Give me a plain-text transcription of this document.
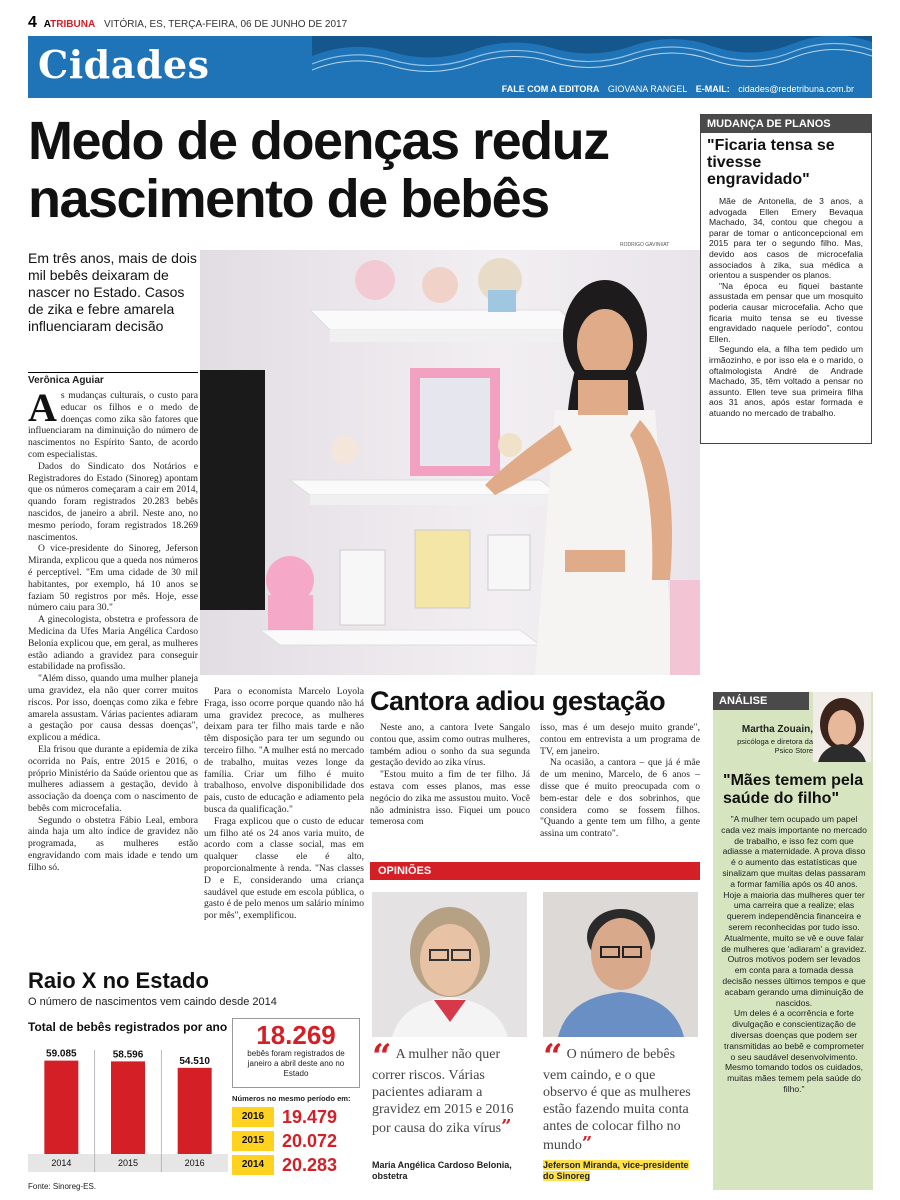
4 ATRIBUNA VITÓRIA, ES, TERÇA-FEIRA, 06 DE JUNHO DE 2017
Cidades
FALE COM A EDITORA GIOVANA RANGEL E-MAIL: cidades@redetribuna.com.br
Medo de doenças reduz
nascimento de bebês
Em três anos, mais de dois mil bebês deixaram de nascer no Estado. Casos de zika e febre amarela influenciaram decisão
RODRIGO GAVINI/AT
MUDANÇA DE PLANOS
"Ficaria tensa se tivesse engravidado"

Mãe de Antonella, de 3 anos, a advogada Ellen Emery Bevaqua Machado, 34, contou que chegou a parar de tomar o anticoncepcional em 2015 para ter o segundo filho. Mas, devido aos casos de microcefalia associados à zika, sua médica a orientou a suspender os planos.

"Na época eu fiquei bastante assustada em pensar que um mosquito poderia causar microcefalia. Acho que ficaria muito tensa se eu tivesse engravidado naquele período", contou Ellen.

Segundo ela, a filha tem pedido um irmãozinho, e por isso ela e o marido, o oftalmologista André de Andrade Machado, 35, têm voltado a pensar no assunto. Ellen teve sua primeira filha aos 31 anos, após estar formada e atuando no mercado de trabalho.

Verônica Aguiar

As mudanças culturais, o custo para educar os filhos e o medo de doenças como zika são fatores que influenciaram na diminuição do número de nascimentos no Espírito Santo, de acordo com especialistas.

Dados do Sindicato dos Notários e Registradores do Estado (Sinoreg) apontam que os números começaram a cair em 2014, quando foram registrados 20.283 bebês nascidos, de janeiro a abril. Neste ano, no mesmo período, foram registrados 18.269 nascimentos.

O vice-presidente do Sinoreg, Jeferson Miranda, explicou que a queda nos números é perceptível. "Em uma cidade de 30 mil habitantes, por exemplo, há 10 anos se faziam 50 registros por mês. Hoje, esse número caiu para 30."

A ginecologista, obstetra e professora de Medicina da Ufes Maria Angélica Cardoso Belonia explicou que, em geral, as mulheres estão adiando a gravidez para conseguir estabilidade na profissão.

"Além disso, quando uma mulher planeja uma gravidez, ela não quer correr muitos riscos. Por isso, doenças como zika e febre amarela assustam. Várias pacientes adiaram a gestação por causa dessas doenças", explicou a médica.

Ela frisou que durante a epidemia de zika ocorrida no País, entre 2015 e 2016, o próprio Ministério da Saúde orientou que as mulheres adiassem a gestação, devido à associação da doença com o nascimento de bebês com microcefalia.

Segundo o obstetra Fábio Leal, embora ainda haja um alto índice de gravidez não programada, as mulheres estão engravidando com mais idade e tendo um filho só.

Para o economista Marcelo Loyola Fraga, isso ocorre porque quando não há uma gravidez precoce, as mulheres deixam para ter filho mais tarde e não têm disposição para ter um segundo ou terceiro filho. "A mulher está no mercado de trabalho, muitas vezes longe da família. Criar um filho é muito trabalhoso, envolve disponibilidade dos pais, custo de educação e adiamento pela busca da qualificação."

Fraga explicou que o custo de educar um filho até os 24 anos varia muito, de acordo com a classe social, mas em qualquer classe ele é alto, proporcionalmente à renda. "Nas classes D e E, considerando uma criança saudável que estude em escola pública, o gasto é de pelo menos um salário mínimo por mês", exemplificou.

Cantora adiou gestação

Neste ano, a cantora Ivete Sangalo contou que, assim como outras mulheres, também adiou o sonho da sua segunda gestação devido ao zika vírus.

"Estou muito a fim de ter filho. Já estava com esses planos, mas esse negócio do zika me assustou muito. Você não administra isso. Fiquei um pouco temerosa com

isso, mas é um desejo muito grande", contou em entrevista a um programa de TV, em janeiro.

Na ocasião, a cantora – que já é mãe de um menino, Marcelo, de 6 anos – disse que é muito preocupada com o bem-estar dele e dos sobrinhos, que considera como se fossem filhos. "Quando a gente tem um filho, a gente assina um contrato".

OPINIÕES
“ A mulher não quer correr riscos. Várias pacientes adiaram a gravidez em 2015 e 2016 por causa do zika vírus”
“ O número de bebês vem caindo, e o que observo é que as mulheres estão fazendo muita conta antes de colocar filho no mundo”
Maria Angélica Cardoso Belonia, obstetra
Jeferson Miranda, vice-presidente
do Sinoreg
ANÁLISE
Martha Zouain,
psicóloga e diretora da Psico Store
"Mães temem pela saúde do filho"

"A mulher tem ocupado um papel cada vez mais importante no mercado de trabalho, e isso fez com que adiasse a maternidade. A prova disso é o aumento das estatísticas que sinalizam que muitas delas passaram a formar família após os 40 anos.

Hoje a maioria das mulheres quer ter uma carreira que a realize; elas querem independência financeira e serem reconhecidas por tudo isso.

Atualmente, muito se vê e ouve falar de mulheres que 'adiaram' a gravidez. Outros motivos podem ser levados em conta para a tomada dessa decisão nesses últimos tempos e que acabam gerando uma diminuição de nascidos.

Um deles é a ocorrência e forte divulgação e conscientização de diversas doenças que podem ser transmitidas ao bebê e comprometer o seu saudável desenvolvimento. Mesmo tomando todos os cuidados, muitas mães temem pela saúde do filho."

Raio X no Estado
O número de nascimentos vem caindo desde 2014
Total de bebês registrados por ano
59.085
2014
58.596
2015
54.510
2016
Fonte: Sinoreg-ES.
18.269
bebês foram registrados de janeiro a abril deste ano no Estado
Números no mesmo período em:
2016 19.479
2015 20.072
2014 20.283
